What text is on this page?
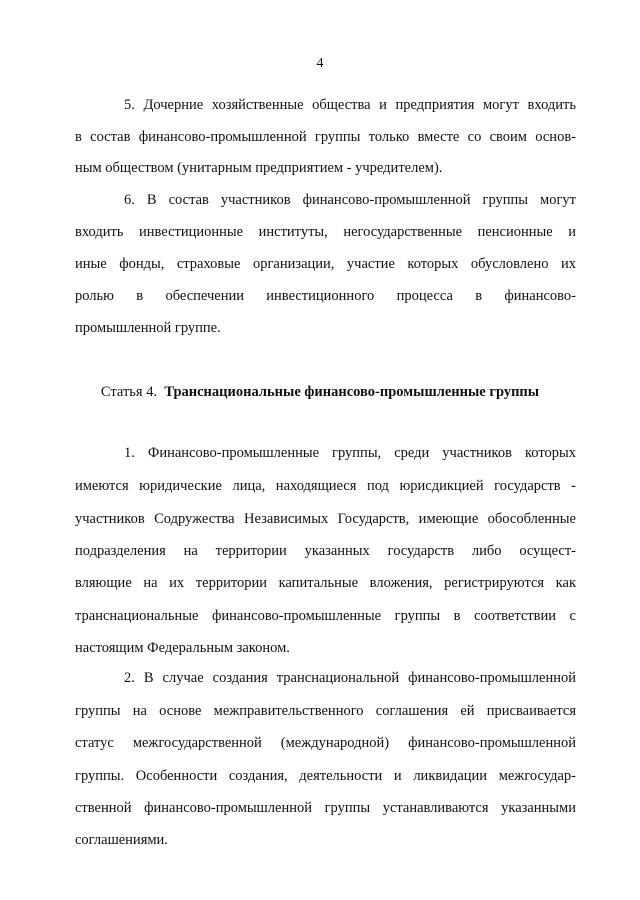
4
5. Дочерние хозяйственные общества и предприятия могут входить
в состав финансово-промышленной группы только вместе со своим основ-
ным обществом (унитарным предприятием - учредителем).
6. В состав участников финансово-промышленной группы могут
входить инвестиционные институты, негосударственные пенсионные и
иные фонды, страховые организации, участие которых обусловлено их
ролью в обеспечении инвестиционного процесса в финансово-
промышленной группе.
Статья 4. Транснациональные финансово-промышленные группы
1. Финансово-промышленные группы, среди участников которых
имеются юридические лица, находящиеся под юрисдикцией государств -
участников Содружества Независимых Государств, имеющие обособленные
подразделения на территории указанных государств либо осущест-
вляющие на их территории капитальные вложения, регистрируются как
транснациональные финансово-промышленные группы в соответствии с
настоящим Федеральным законом.
2. В случае создания транснациональной финансово-промышленной
группы на основе межправительственного соглашения ей присваивается
статус межгосударственной (международной) финансово-промышленной
группы. Особенности создания, деятельности и ликвидации межгосудар-
ственной финансово-промышленной группы устанавливаются указанными
соглашениями.
